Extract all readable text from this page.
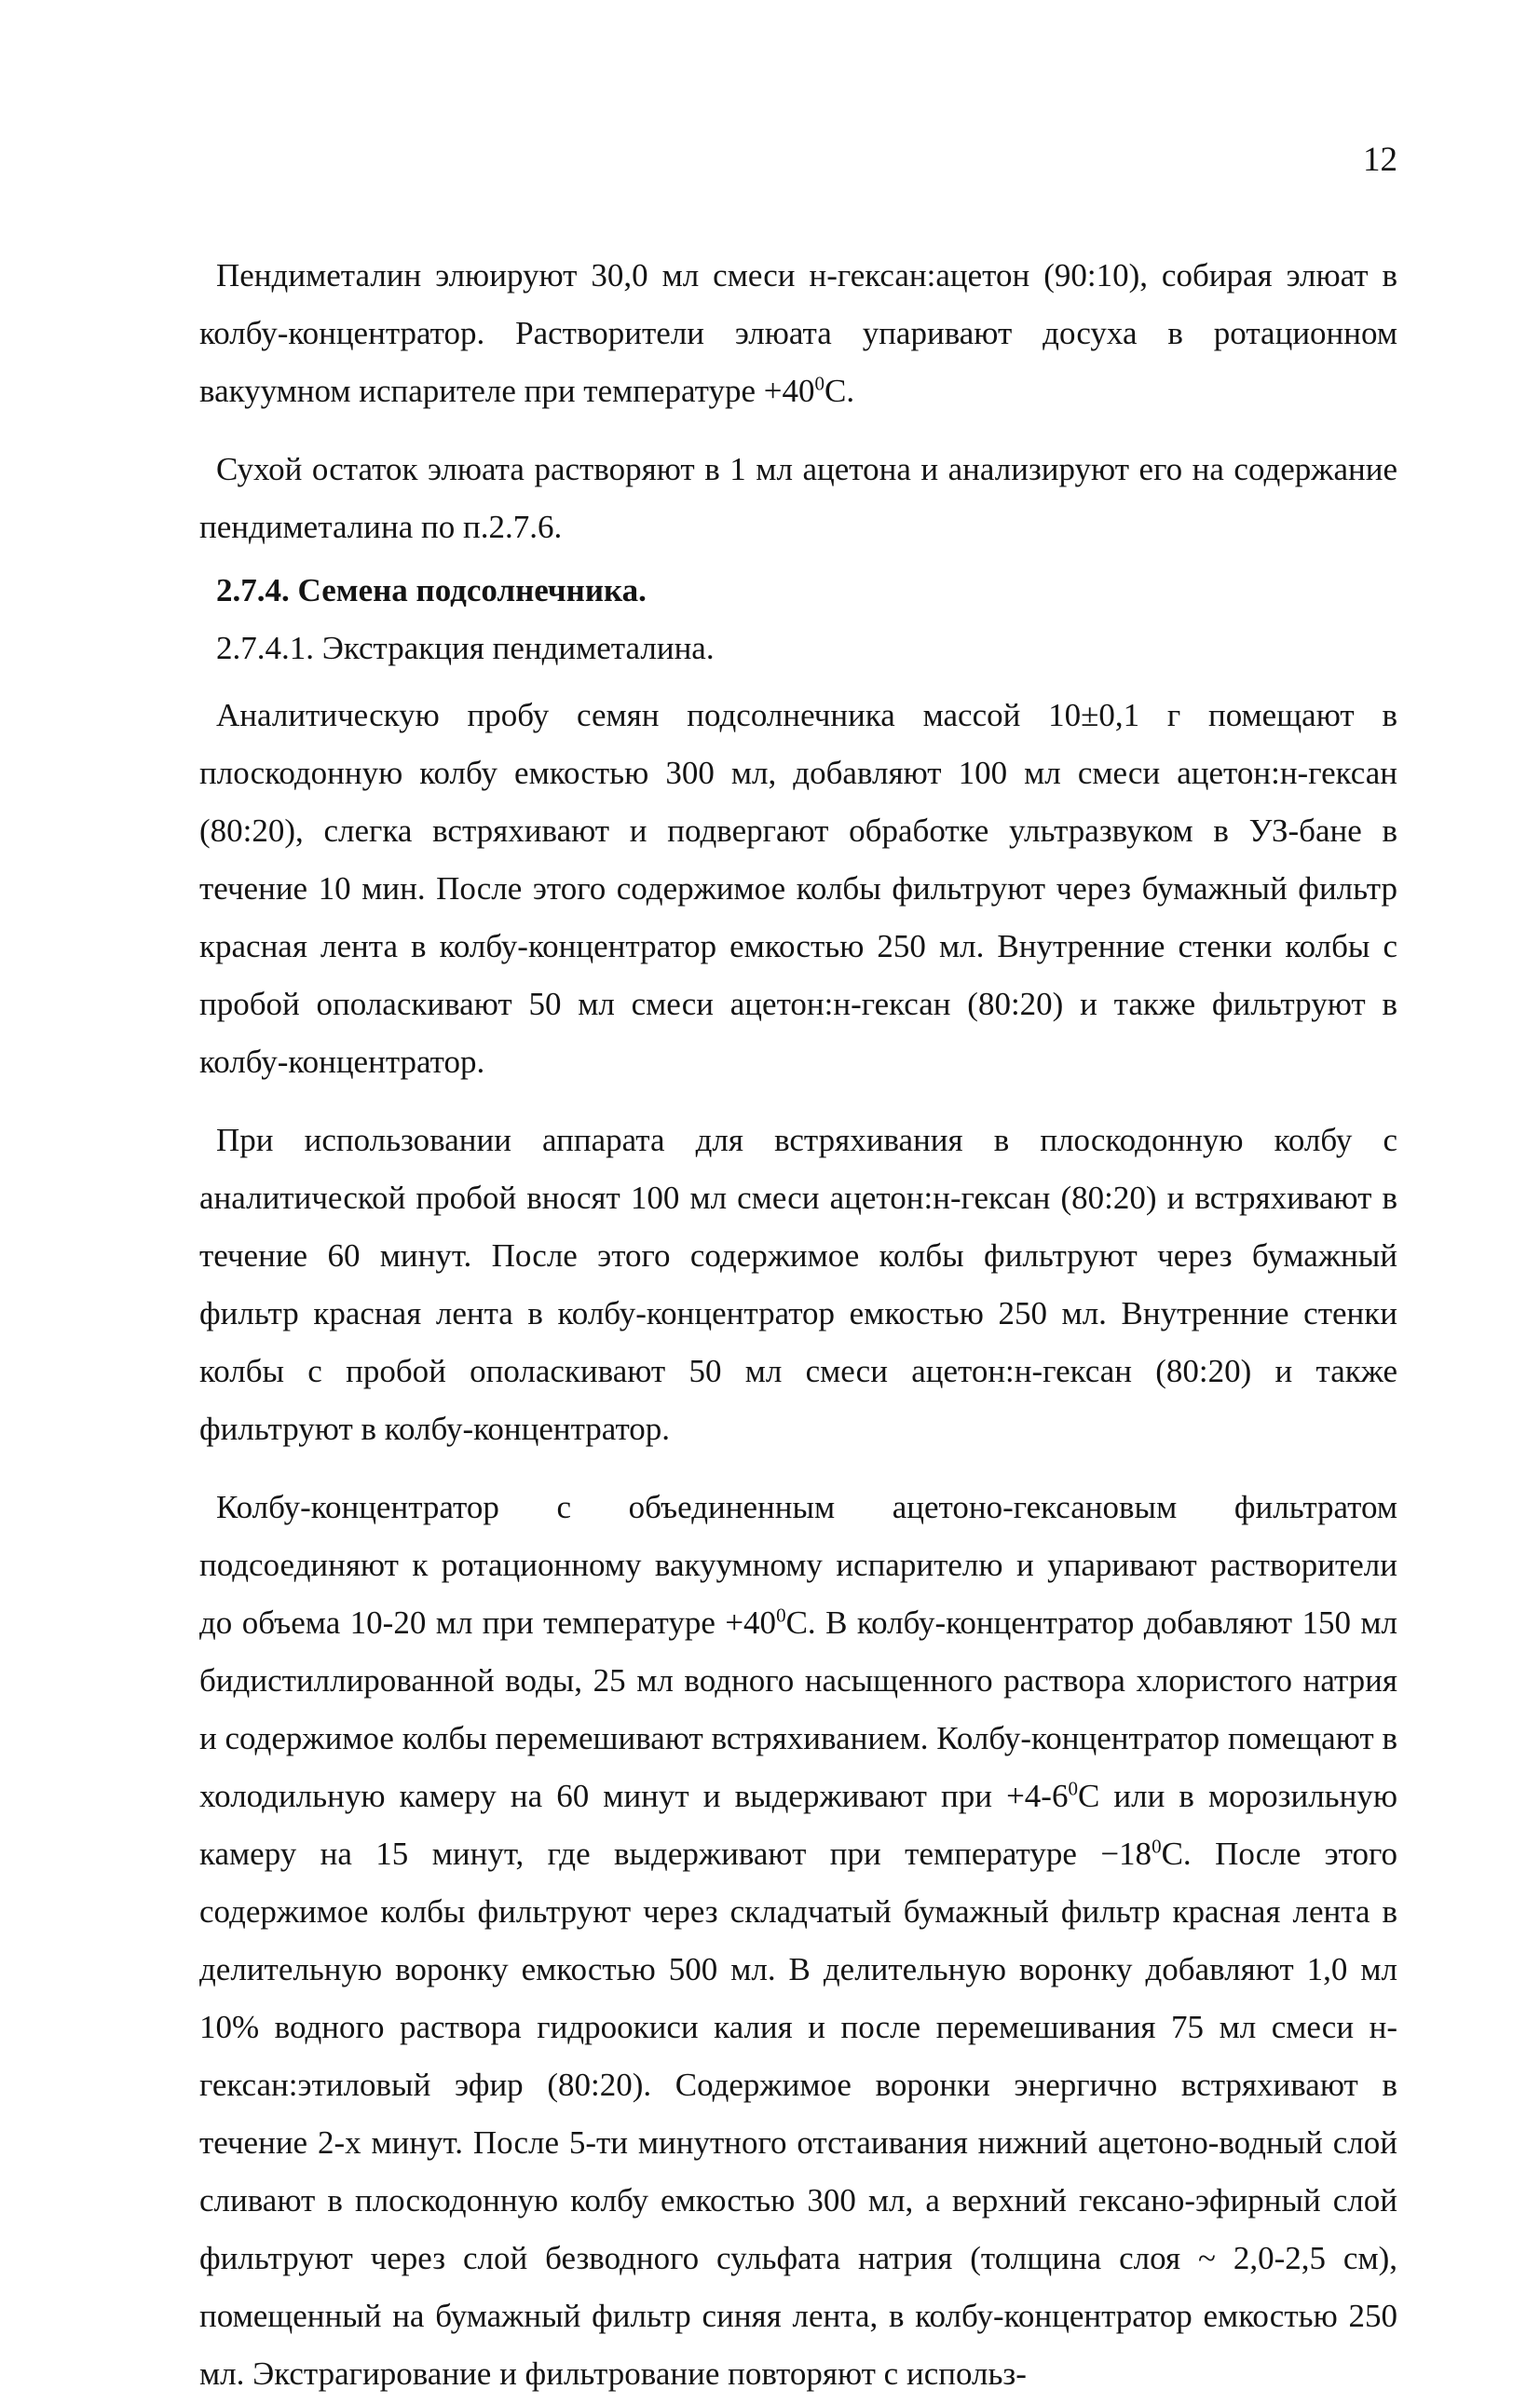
12

Пендиметалин элюируют 30,0 мл смеси н-гексан:ацетон (90:10), собирая элюат в колбу-концентратор. Растворители элюата упаривают досуха в ротационном вакуумном испарителе при температуре $+40^0С$.

Сухой остаток элюата растворяют в 1 мл ацетона и анализируют его на содержание пендиметалина по п.2.7.6.

2.7.4. Семена подсолнечника.

2.7.4.1. Экстракция пендиметалина.

Аналитическую пробу семян подсолнечника массой 10±0,1 г помещают в плоскодонную колбу емкостью 300 мл, добавляют 100 мл смеси ацетон:н-гексан (80:20), слегка встряхивают и подвергают обработке ультразвуком в УЗ-бане в течение 10 мин. После этого содержимое колбы фильтруют через бумажный фильтр красная лента в колбу-концентратор емкостью 250 мл. Внутренние стенки колбы с пробой ополаскивают 50 мл смеси ацетон:н-гексан (80:20) и также фильтруют в колбу-концентратор.

При использовании аппарата для встряхивания в плоскодонную колбу с аналитической пробой вносят 100 мл смеси ацетон:н-гексан (80:20) и встряхивают в течение 60 минут. После этого содержимое колбы фильтруют через бумажный фильтр красная лента в колбу-концентратор емкостью 250 мл. Внутренние стенки колбы с пробой ополаскивают 50 мл смеси ацетон:н-гексан (80:20) и также фильтруют в колбу-концентратор.

Колбу-концентратор с объединенным ацетоно-гексановым фильтратом подсоединяют к ротационному вакуумному испарителю и упаривают растворители до объема 10-20 мл при температуре $+40^0С$. В колбу-концентратор добавляют 150 мл бидистиллированной воды, 25 мл водного насыщенного раствора хлористого натрия и содержимое колбы перемешивают встряхиванием. Колбу-концентратор помещают в холодильную камеру на 60 минут и выдерживают при $+4-6^0С$ или в морозильную камеру на 15 минут, где выдерживают при температуре $-18^0С$. После этого содержимое колбы фильтруют через складчатый бумажный фильтр красная лента в делительную воронку емкостью 500 мл. В делительную воронку добавляют 1,0 мл 10% водного раствора гидроокиси калия и после перемешивания 75 мл смеси н-гексан:этиловый эфир (80:20). Содержимое воронки энергично встряхивают в течение 2-х минут. После 5-ти минутного отстаивания нижний ацетоно-водный слой сливают в плоскодонную колбу емкостью 300 мл, а верхний гексано-эфирный слой фильтруют через слой безводного сульфата натрия (толщина слоя ~ 2,0-2,5 см), помещенный на бумажный фильтр синяя лента, в колбу-концентратор емкостью 250 мл. Экстрагирование и фильтрование повторяют с использ-
